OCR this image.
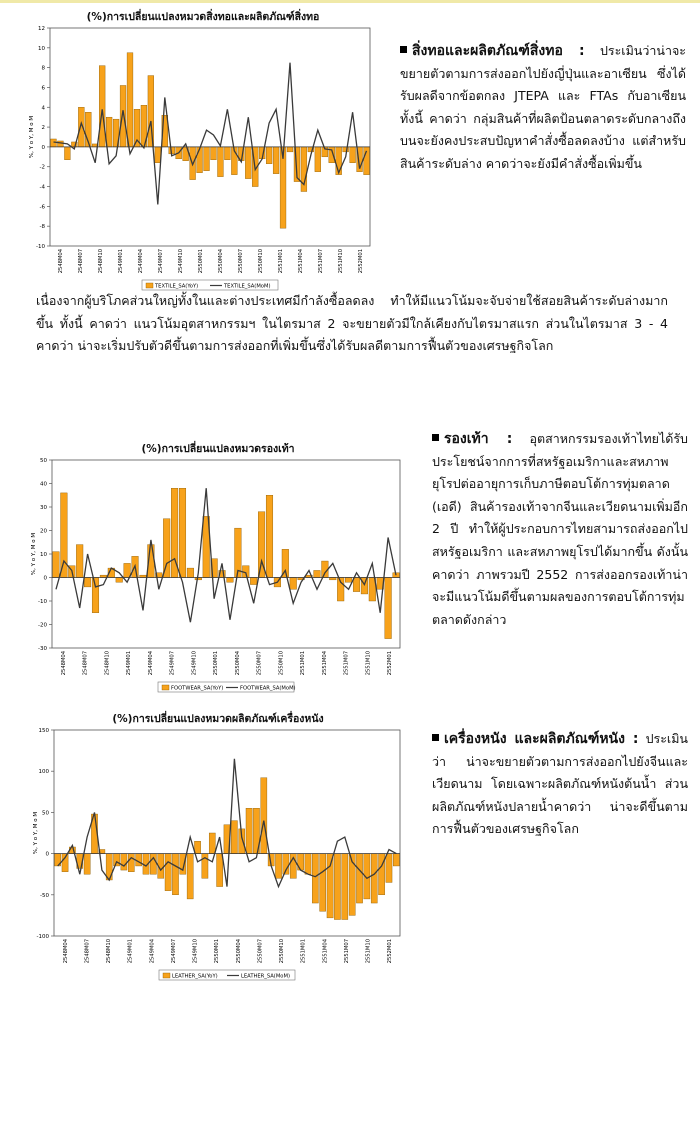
(%)การเปลี่ยนแปลงหมวดสิ่งทอและผลิตภัณฑ์สิ่งทอ
12
10
8
6
4
2
0
-2
-4
-6
-8
-10
%, Y o Y, M o M
2548M04	2548M07	2548M10	2549M01	2549M04	2549M07	2549M10	2550M01	2550M04	2550M07	2550M10	2551M01	2551M04	2551M07	2551M10	2552M01
TEXTILE_SA(YoY)	TEXTILE_SA(MoM)
สิ่งทอและผลิตภัณฑ์สิ่งทอ : ประเมินว่าน่าจะขยายตัวตามการส่งออกไปยังญี่ปุ่นและอาเซียน ซึ่งได้รับผลดีจากข้อตกลง JTEPA และ FTAs กับอาเซียน ทั้งนี้ คาดว่า กลุ่มสินค้าที่ผลิตป้อนตลาดระดับกลางถึงบนจะยังคงประสบปัญหาคำสั่งซื้อลดลงบ้าง แต่สำหรับสินค้าระดับล่าง คาดว่าจะยังมีคำสั่งซื้อเพิ่มขึ้น
เนื่องจากผู้บริโภคส่วนใหญ่ทั้งในและต่างประเทศมีกำลังซื้อลดลง ทำให้มีแนวโน้มจะจับจ่ายใช้สอยสินค้าระดับล่างมากขึ้น ทั้งนี้ คาดว่า แนวโน้มอุตสาหกรรมฯ ในไตรมาส 2 จะขยายตัวมีใกล้เคียงกับไตรมาสแรก ส่วนในไตรมาส 3 - 4 คาดว่า น่าจะเริ่มปรับตัวดีขึ้นตามการส่งออกที่เพิ่มขึ้นซึ่งได้รับผลดีตามการฟื้นตัวของเศรษฐกิจโลก
(%)การเปลี่ยนแปลงหมวดรองเท้า
50
40
30
20
10
0
-10
-20
-30
%, Y o Y, M o M
2548M04	2548M07	2548M10	2549M01	2549M04	2549M07	2549M10	2550M01	2550M04	2550M07	2550M10	2551M01	2551M04	2551M07	2551M10	2552M01
FOOTWEAR_SA(YoY)	FOOTWEAR_SA(MoM)
รองเท้า : อุตสาหกรรมรองเท้าไทยได้รับประโยชน์จากการที่สหรัฐอเมริกาและสหภาพยุโรปต่ออายุการเก็บภาษีตอบโต้การทุ่มตลาด (เอดี) สินค้ารองเท้าจากจีนและเวียดนามเพิ่มอีก 2 ปี ทำให้ผู้ประกอบการไทยสามารถส่งออกไปสหรัฐอเมริกา และสหภาพยุโรปได้มากขึ้น ดังนั้น คาดว่า ภาพรวมปี 2552 การส่งออกรองเท้าน่าจะมีแนวโน้มดีขึ้นตามผลของการตอบโต้การทุ่มตลาดดังกล่าว
(%)การเปลี่ยนแปลงหมวดผลิตภัณฑ์เครื่องหนัง
150
100
50
0
-50
-100
%, Y o Y, M o M
2548M04	2548M07	2548M10	2549M01	2549M04	2549M07	2549M10	2550M01	2550M04	2550M07	2550M10	2551M01	2551M04	2551M07	2551M10	2552M01
LEATHER_SA(YoY)	LEATHER_SA(MoM)
เครื่องหนัง และผลิตภัณฑ์หนัง : ประเมินว่า น่าจะขยายตัวตามการส่งออกไปยังจีนและเวียดนาม โดยเฉพาะผลิตภัณฑ์หนังต้นน้ำ ส่วนผลิตภัณฑ์หนังปลายน้ำคาดว่า น่าจะดีขึ้นตามการฟื้นตัวของเศรษฐกิจโลก
